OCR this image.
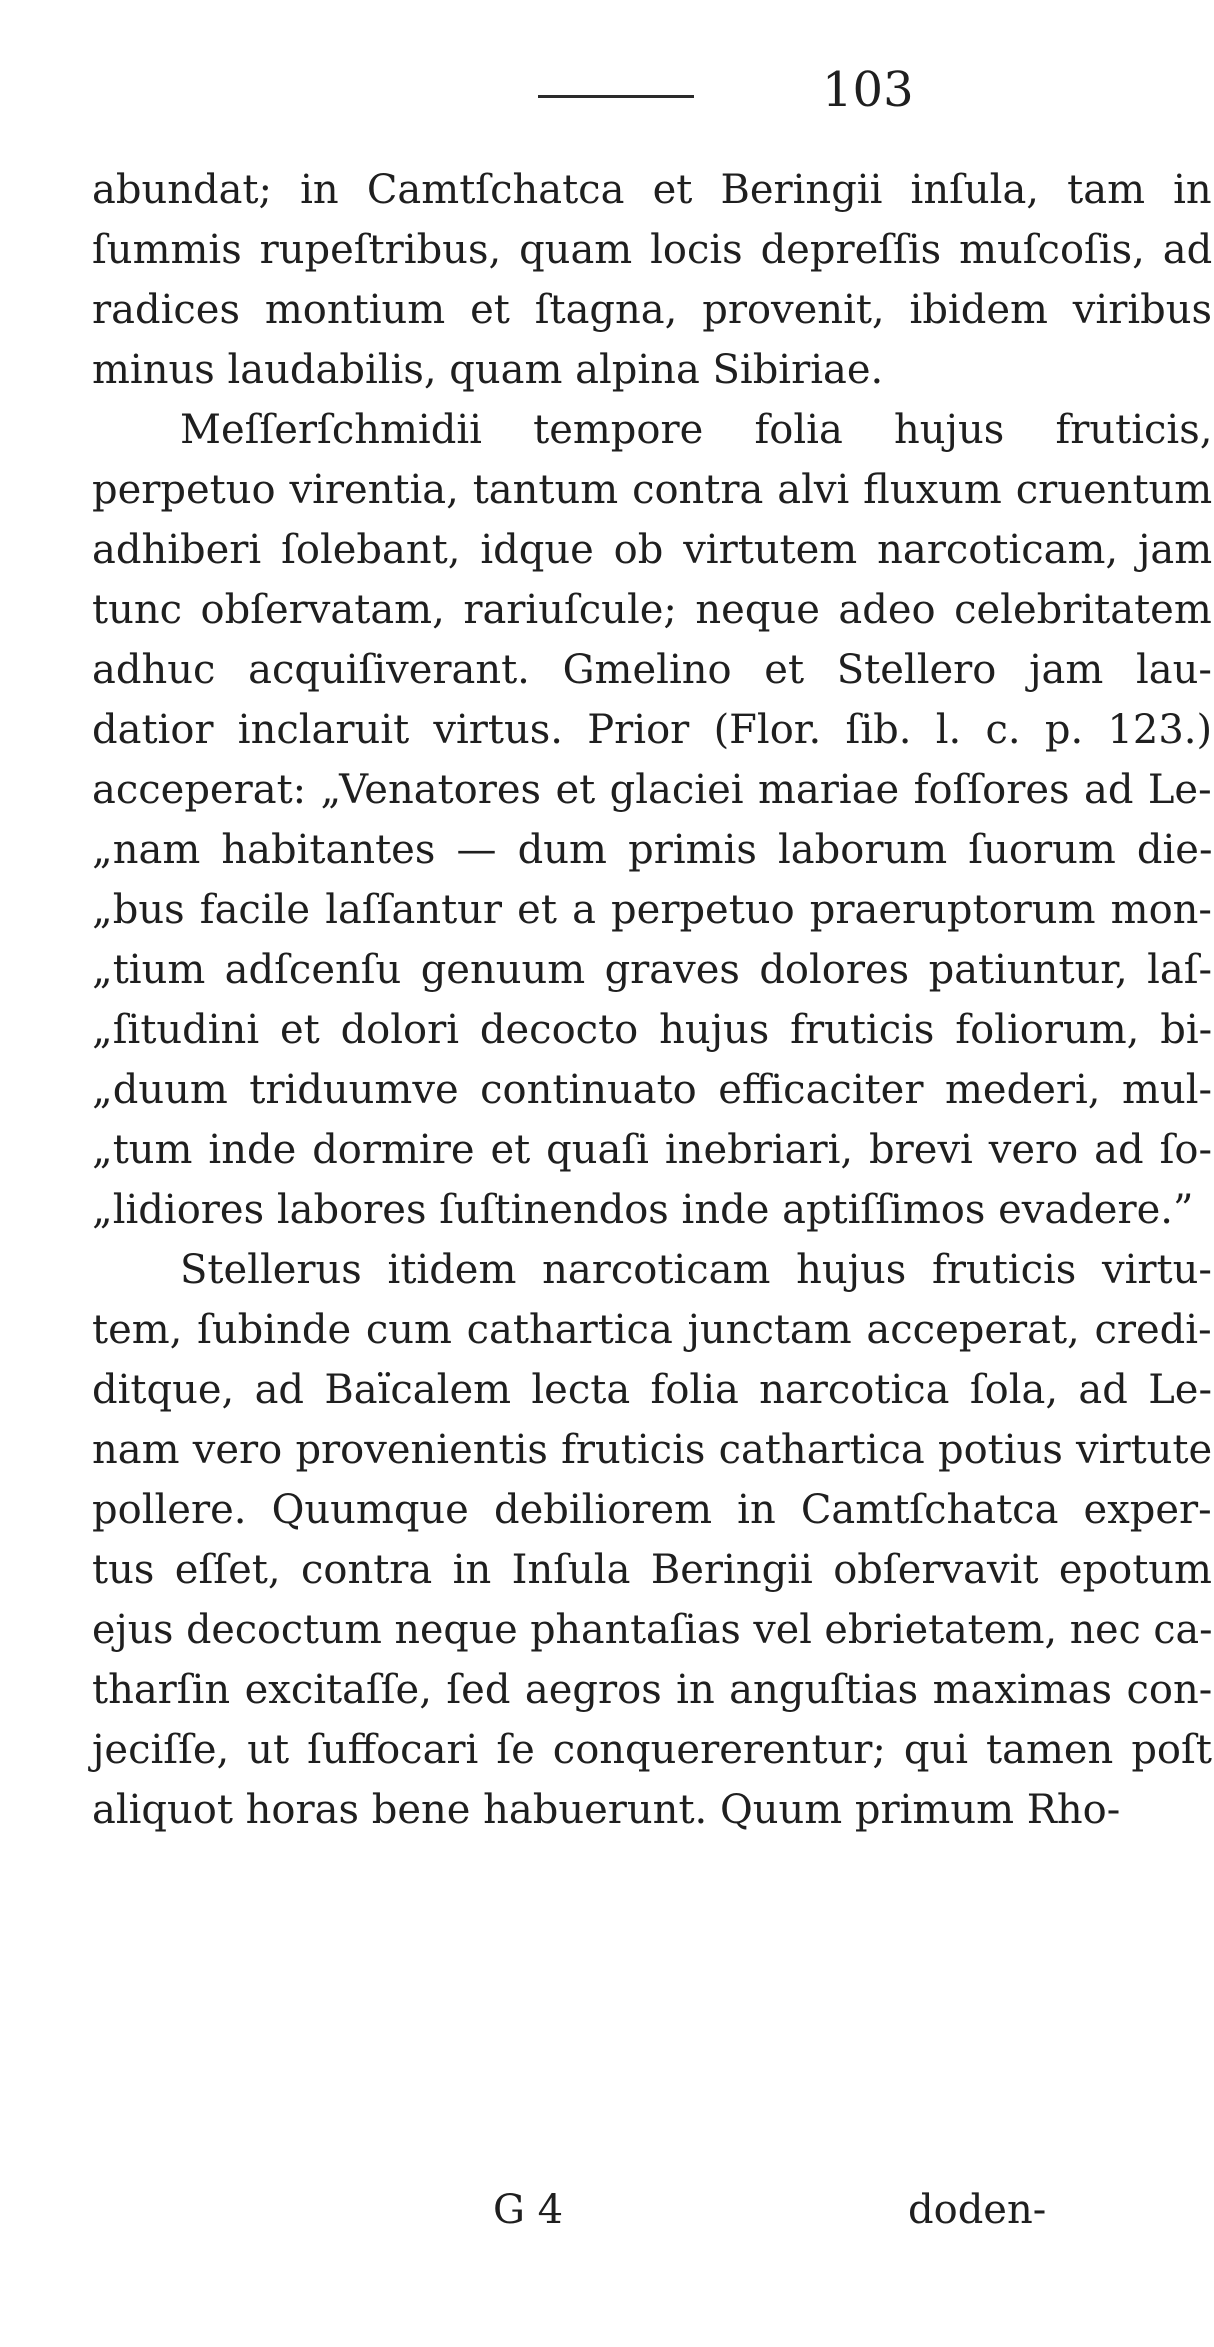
103
abundat; in Camtſchatca et Beringii inſula, tam in
ſummis rupeſtribus, quam locis depreſſis muſcoſis, ad
radices montium et ſtagna, provenit, ibidem viribus
minus laudabilis, quam alpina Sibiriae.
Meſſerſchmidii tempore folia hujus fruticis,
perpetuo virentia, tantum contra alvi fluxum cruentum
adhiberi ſolebant, idque ob virtutem narcoticam, jam
tunc obſervatam, rariuſcule; neque adeo celebritatem
adhuc acquiſiverant. Gmelino et Stellero jam lau-
datior inclaruit virtus. Prior (Flor. ſib. l. c. p. 123.)
acceperat: „Venatores et glaciei mariae foſſores ad Le-
„nam habitantes — dum primis laborum ſuorum die-
„bus facile laſſantur et a perpetuo praeruptorum mon-
„tium adſcenſu genuum graves dolores patiuntur, laſ-
„ſitudini et dolori decocto hujus fruticis foliorum, bi-
„duum triduumve continuato efficaciter mederi, mul-
„tum inde dormire et quaſi inebriari, brevi vero ad ſo-
„lidiores labores ſuſtinendos inde aptiſſimos evadere.”
Stellerus itidem narcoticam hujus fruticis virtu-
tem, ſubinde cum cathartica junctam acceperat, credi-
ditque, ad Baïcalem lecta folia narcotica ſola, ad Le-
nam vero provenientis fruticis cathartica potius virtute
pollere. Quumque debiliorem in Camtſchatca exper-
tus eſſet, contra in Inſula Beringii obſervavit epotum
ejus decoctum neque phantaſias vel ebrietatem, nec ca-
tharſin excitaſſe, ſed aegros in anguſtias maximas con-
jeciſſe, ut ſuffocari ſe conquererentur; qui tamen poſt
aliquot horas bene habuerunt. Quum primum Rho-
G 4	doden-
